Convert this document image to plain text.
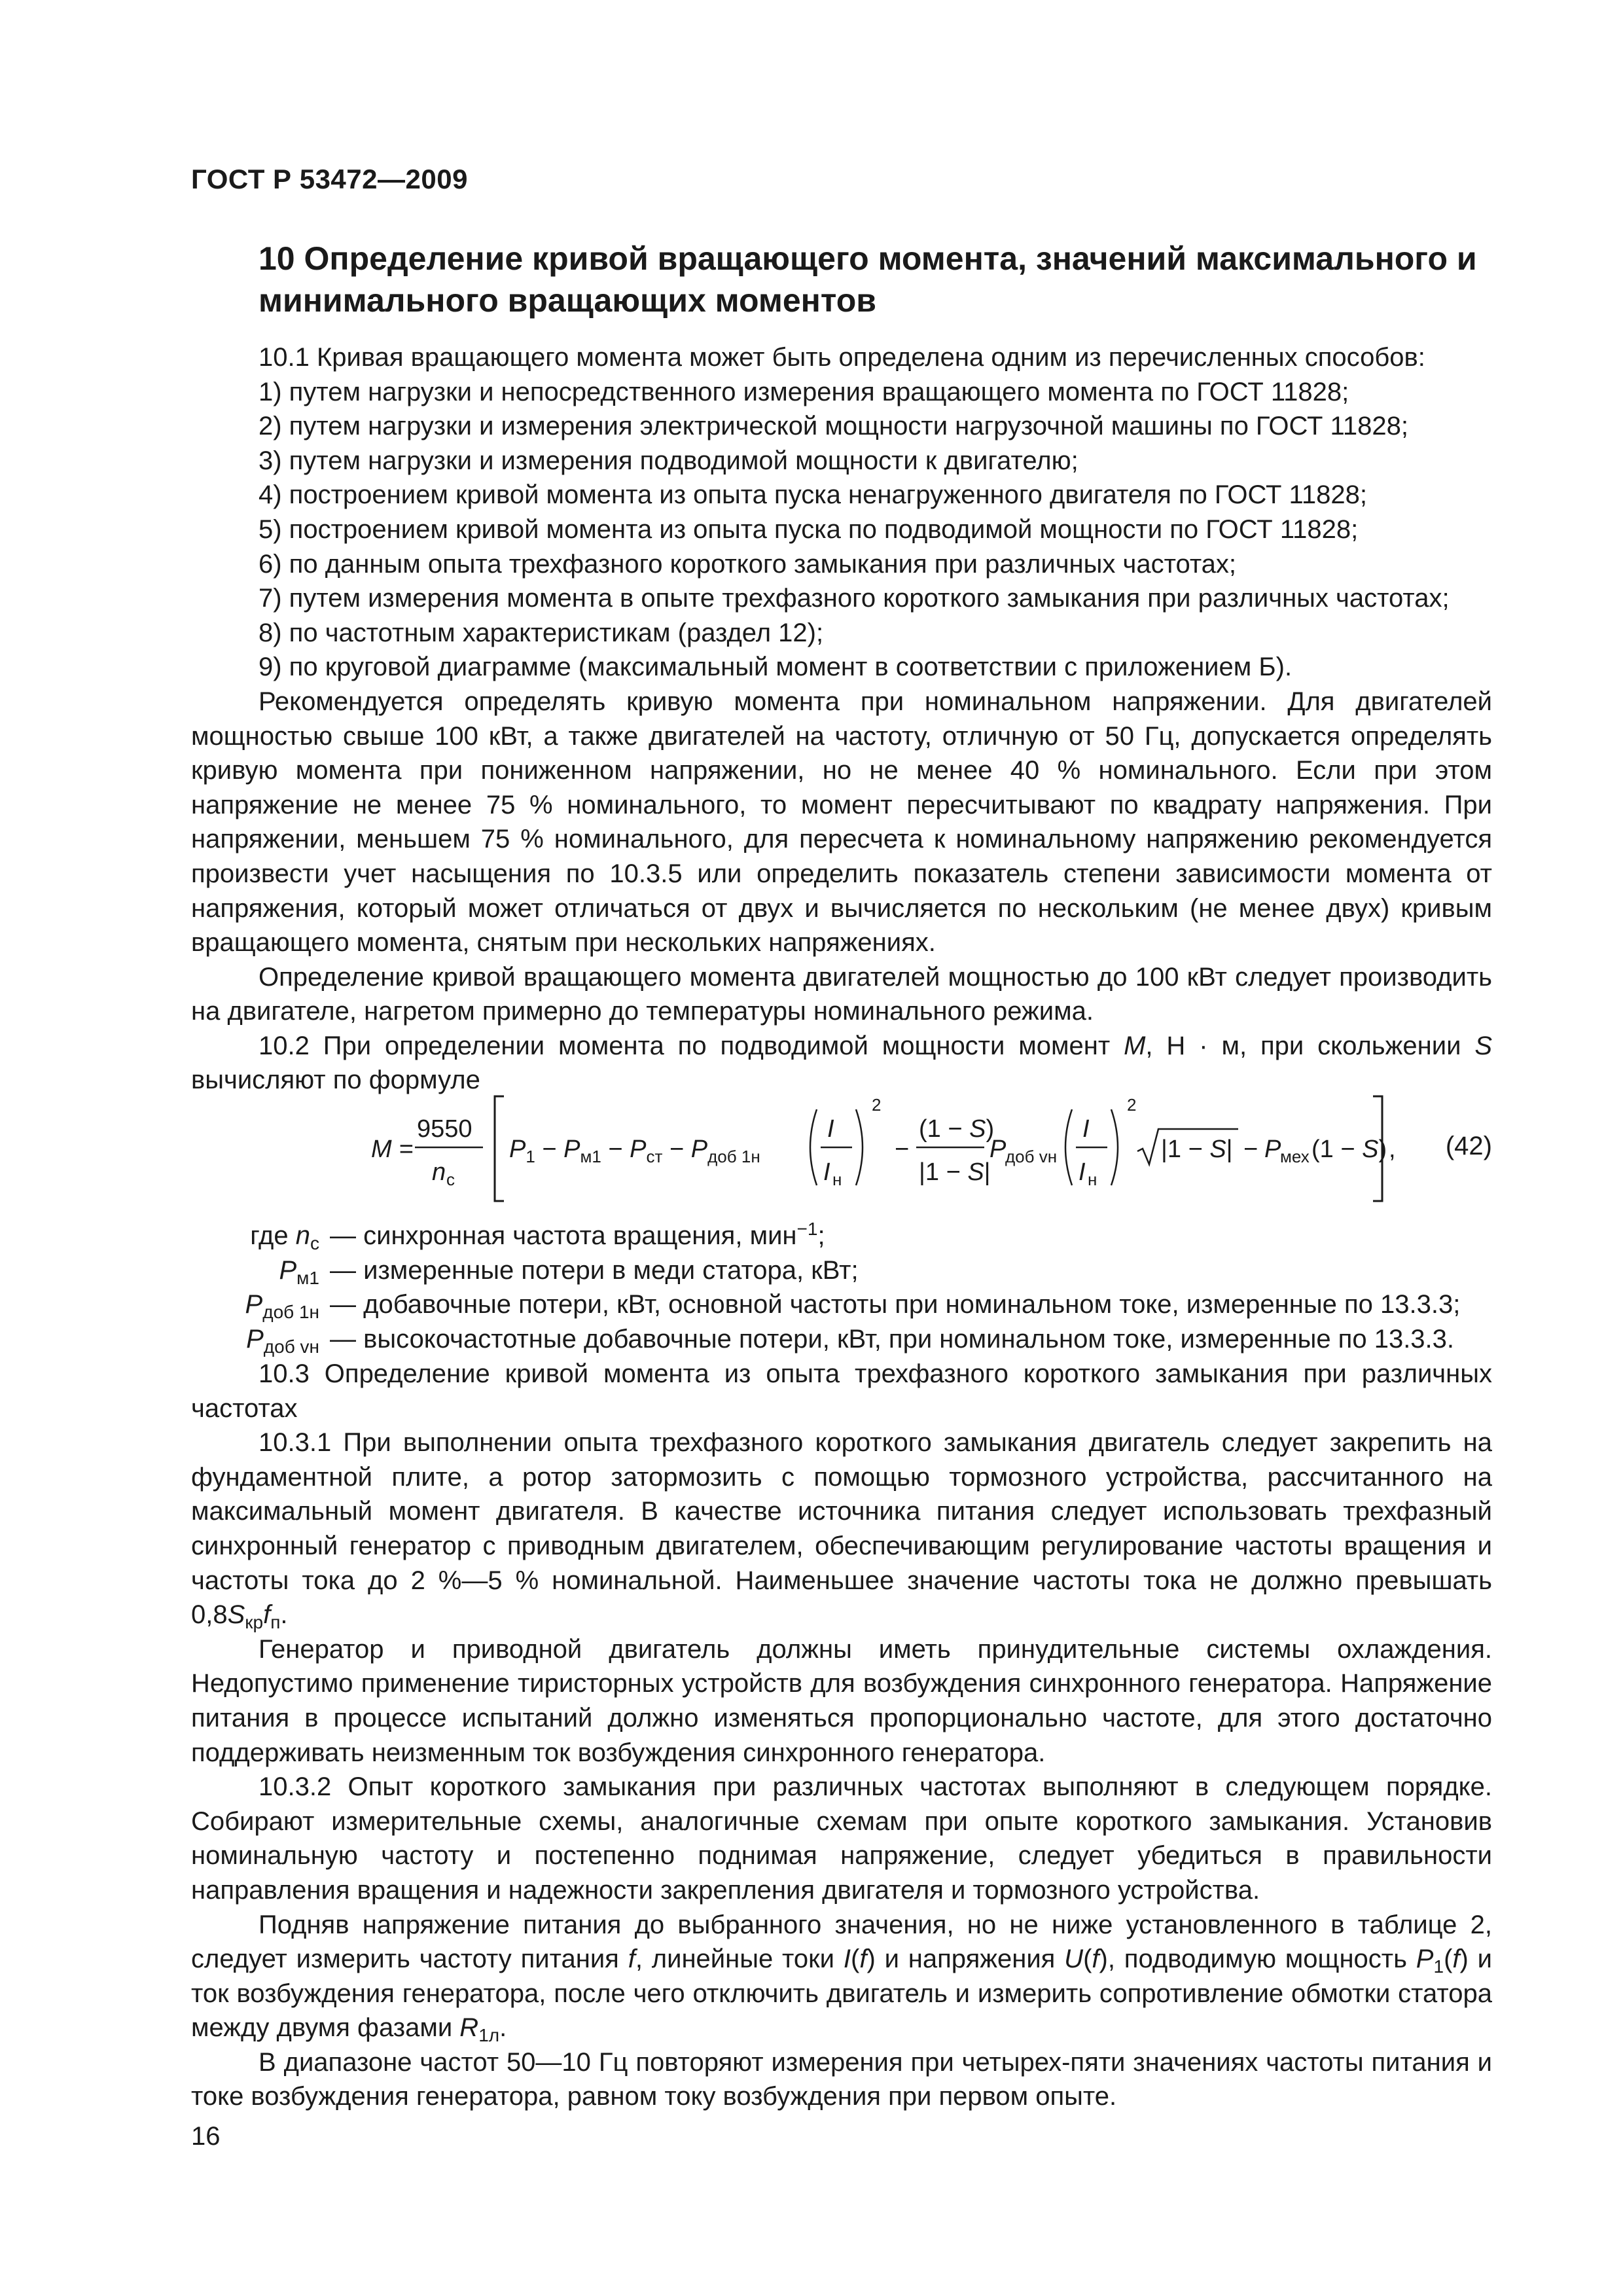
ГОСТ Р 53472—2009
10 Определение кривой вращающего момента, значений максимального и минимального вращающих моментов

10.1 Кривая вращающего момента может быть определена одним из перечисленных способов:

1) путем нагрузки и непосредственного измерения вращающего момента по ГОСТ 11828;
2) путем нагрузки и измерения электрической мощности нагрузочной машины по ГОСТ 11828;
3) путем нагрузки и измерения подводимой мощности к двигателю;
4) построением кривой момента из опыта пуска ненагруженного двигателя по ГОСТ 11828;
5) построением кривой момента из опыта пуска по подводимой мощности по ГОСТ 11828;
6) по данным опыта трехфазного короткого замыкания при различных частотах;
7) путем измерения момента в опыте трехфазного короткого замыкания при различных частотах;
8) по частотным характеристикам (раздел 12);
9) по круговой диаграмме (максимальный момент в соответствии с приложением Б).

Рекомендуется определять кривую момента при номинальном напряжении. Для двигателей мощностью свыше 100 кВт, а также двигателей на частоту, отличную от 50 Гц, допускается определять кривую момента при пониженном напряжении, но не менее 40 % номинального. Если при этом напряжение не менее 75 % номинального, то момент пересчитывают по квадрату напряжения. При напряжении, меньшем 75 % номинального, для пересчета к номинальному напряжению рекомендуется произвести учет насыщения по 10.3.5 или определить показатель степени зависимости момента от напряжения, который может отличаться от двух и вычисляется по нескольким (не менее двух) кривым вращающего момента, снятым при нескольких напряжениях.

Определение кривой вращающего момента двигателей мощностью до 100 кВт следует производить на двигателе, нагретом примерно до температуры номинального режима.

10.2 При определении момента по подводимой мощности момент M, Н · м, при скольжении S вычисляют по формуле

M =
9550
n с
$P_1 - P_{м1} - P_{ст} - P_{доб 1н}$
I
I н
2
−
(1 − S)
|1 − S|
P
доб vн
I
I н
2
|1 − S| − P
мех (1 − S) , (42)
где $n_с$ — синхронная частота вращения, мин$^{-1}$;
$P_{м1}$ — измеренные потери в меди статора, кВт;
$P_{доб 1н}$ — добавочные потери, кВт, основной частоты при номинальном токе, измеренные по 13.3.3;
$P_{доб vн}$ — высокочастотные добавочные потери, кВт, при номинальном токе, измеренные по 13.3.3.

10.3 Определение кривой момента из опыта трехфазного короткого замыкания при различных частотах

10.3.1 При выполнении опыта трехфазного короткого замыкания двигатель следует закрепить на фундаментной плите, а ротор затормозить с помощью тормозного устройства, рассчитанного на максимальный момент двигателя. В качестве источника питания следует использовать трехфазный синхронный генератор с приводным двигателем, обеспечивающим регулирование частоты вращения и частоты тока до 2 %—5 % номинальной. Наименьшее значение частоты тока не должно превышать $0,8S_{кр}f_п$.

Генератор и приводной двигатель должны иметь принудительные системы охлаждения. Недопустимо применение тиристорных устройств для возбуждения синхронного генератора. Напряжение питания в процессе испытаний должно изменяться пропорционально частоте, для этого достаточно поддерживать неизменным ток возбуждения синхронного генератора.

10.3.2 Опыт короткого замыкания при различных частотах выполняют в следующем порядке. Собирают измерительные схемы, аналогичные схемам при опыте короткого замыкания. Установив номинальную частоту и постепенно поднимая напряжение, следует убедиться в правильности направления вращения и надежности закрепления двигателя и тормозного устройства.

Подняв напряжение питания до выбранного значения, но не ниже установленного в таблице 2, следует измерить частоту питания f, линейные токи I(f) и напряжения U(f), подводимую мощность $P_1(f)$ и ток возбуждения генератора, после чего отключить двигатель и измерить сопротивление обмотки статора между двумя фазами $R_{1л}$.

В диапазоне частот 50—10 Гц повторяют измерения при четырех-пяти значениях частоты питания и токе возбуждения генератора, равном току возбуждения при первом опыте.

16
